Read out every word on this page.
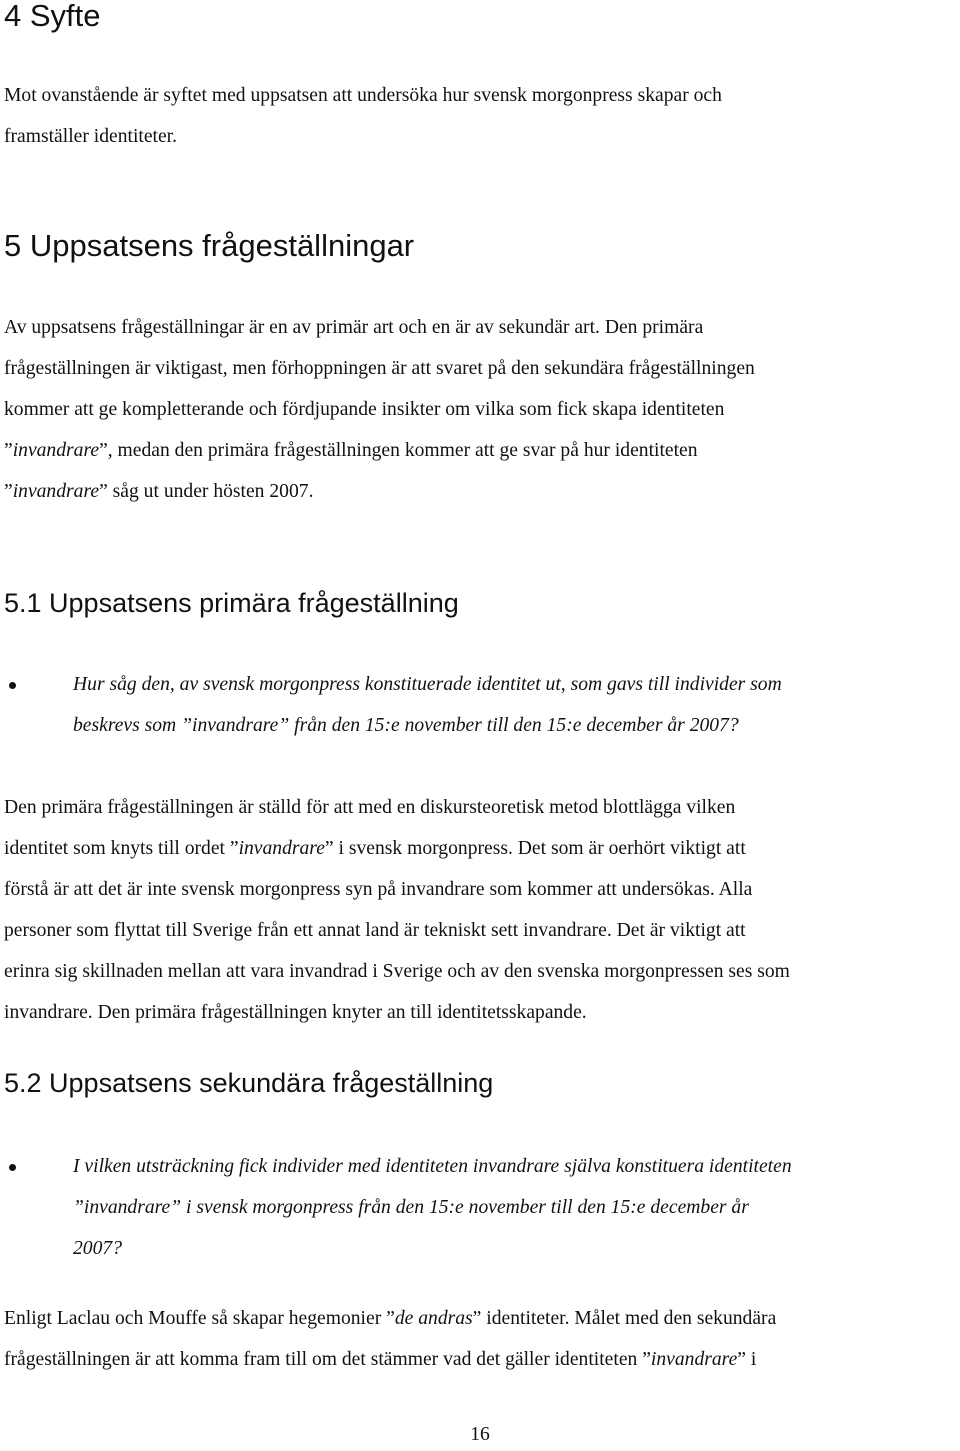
4 Syfte

Mot ovanstående är syftet med uppsatsen att undersöka hur svensk morgonpress skapar och
framställer identiteter.

5 Uppsatsens frågeställningar

Av uppsatsens frågeställningar är en av primär art och en är av sekundär art. Den primära
frågeställningen är viktigast, men förhoppningen är att svaret på den sekundära frågeställningen
kommer att ge kompletterande och fördjupande insikter om vilka som fick skapa identiteten
”invandrare”, medan den primära frågeställningen kommer att ge svar på hur identiteten
”invandrare” såg ut under hösten 2007.

5.1 Uppsatsens primära frågeställning

Hur såg den, av svensk morgonpress konstituerade identitet ut, som gavs till individer som
beskrevs som ”invandrare” från den 15:e november till den 15:e december år 2007?

Den primära frågeställningen är ställd för att med en diskursteoretisk metod blottlägga vilken
identitet som knyts till ordet ”invandrare” i svensk morgonpress. Det som är oerhört viktigt att
förstå är att det är inte svensk morgonpress syn på invandrare som kommer att undersökas. Alla
personer som flyttat till Sverige från ett annat land är tekniskt sett invandrare. Det är viktigt att
erinra sig skillnaden mellan att vara invandrad i Sverige och av den svenska morgonpressen ses som
invandrare. Den primära frågeställningen knyter an till identitetsskapande.

5.2 Uppsatsens sekundära frågeställning

I vilken utsträckning fick individer med identiteten invandrare själva konstituera identiteten
”invandrare” i svensk morgonpress från den 15:e november till den 15:e december år
2007?

Enligt Laclau och Mouffe så skapar hegemonier ”de andras” identiteter. Målet med den sekundära
frågeställningen är att komma fram till om det stämmer vad det gäller identiteten ”invandrare” i

16
